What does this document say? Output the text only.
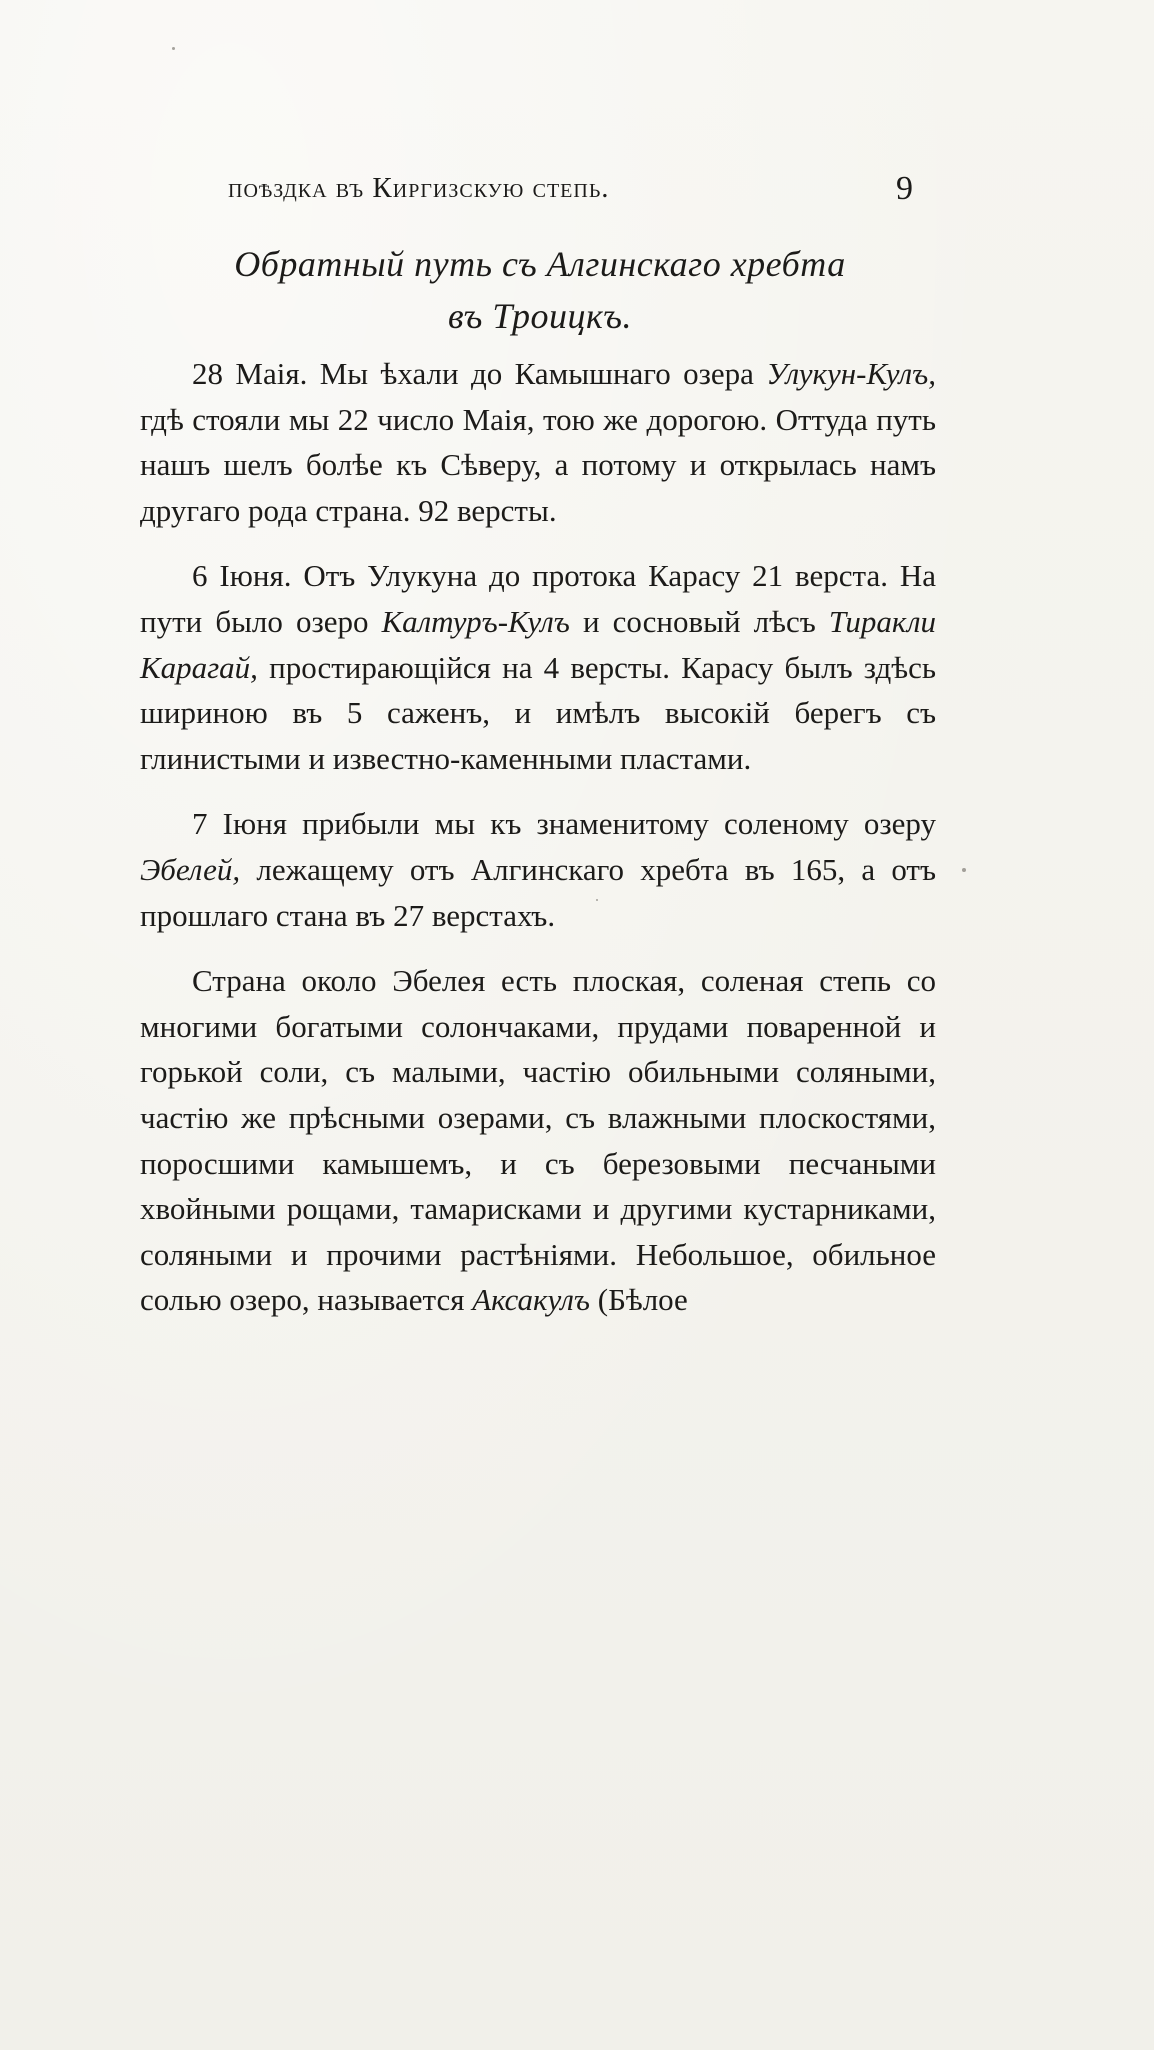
поѣздка въ Киргизскую степь.	9
Обратный путь съ Алгинскаго хребта
въ Троицкъ.

28 Маія. Мы ѣхали до Камышнаго озера Улукун-Кулъ, гдѣ стояли мы 22 число Маія, тою же дорогою. Оттуда путь нашъ шелъ болѣе къ Сѣверу, а потому и открылась намъ другаго рода страна. 92 версты.

6 Іюня. Отъ Улукуна до протока Карасу 21 верста. На пути было озеро Калтуръ-Кулъ и сосновый лѣсъ Тиракли Карагай, простирающійся на 4 версты. Карасу былъ здѣсь шириною въ 5 саженъ, и имѣлъ высокій берегъ съ глинистыми и известно-каменными пластами.

7 Іюня прибыли мы къ знаменитому соленому озеру Эбелей, лежащему отъ Алгинскаго хребта въ 165, а отъ прошлаго стана въ 27 верстахъ.

Страна около Эбелея есть плоская, соленая степь со многими богатыми солончаками, прудами поваренной и горькой соли, съ малыми, частію обильными соляными, частію же прѣсными озерами, съ влажными плоскостями, поросшими камышемъ, и съ березовыми песчаными хвойными рощами, тамарисками и другими кустарниками, соляными и прочими растѣніями. Небольшое, обильное солью озеро, называется Аксакулъ (Бѣлое
